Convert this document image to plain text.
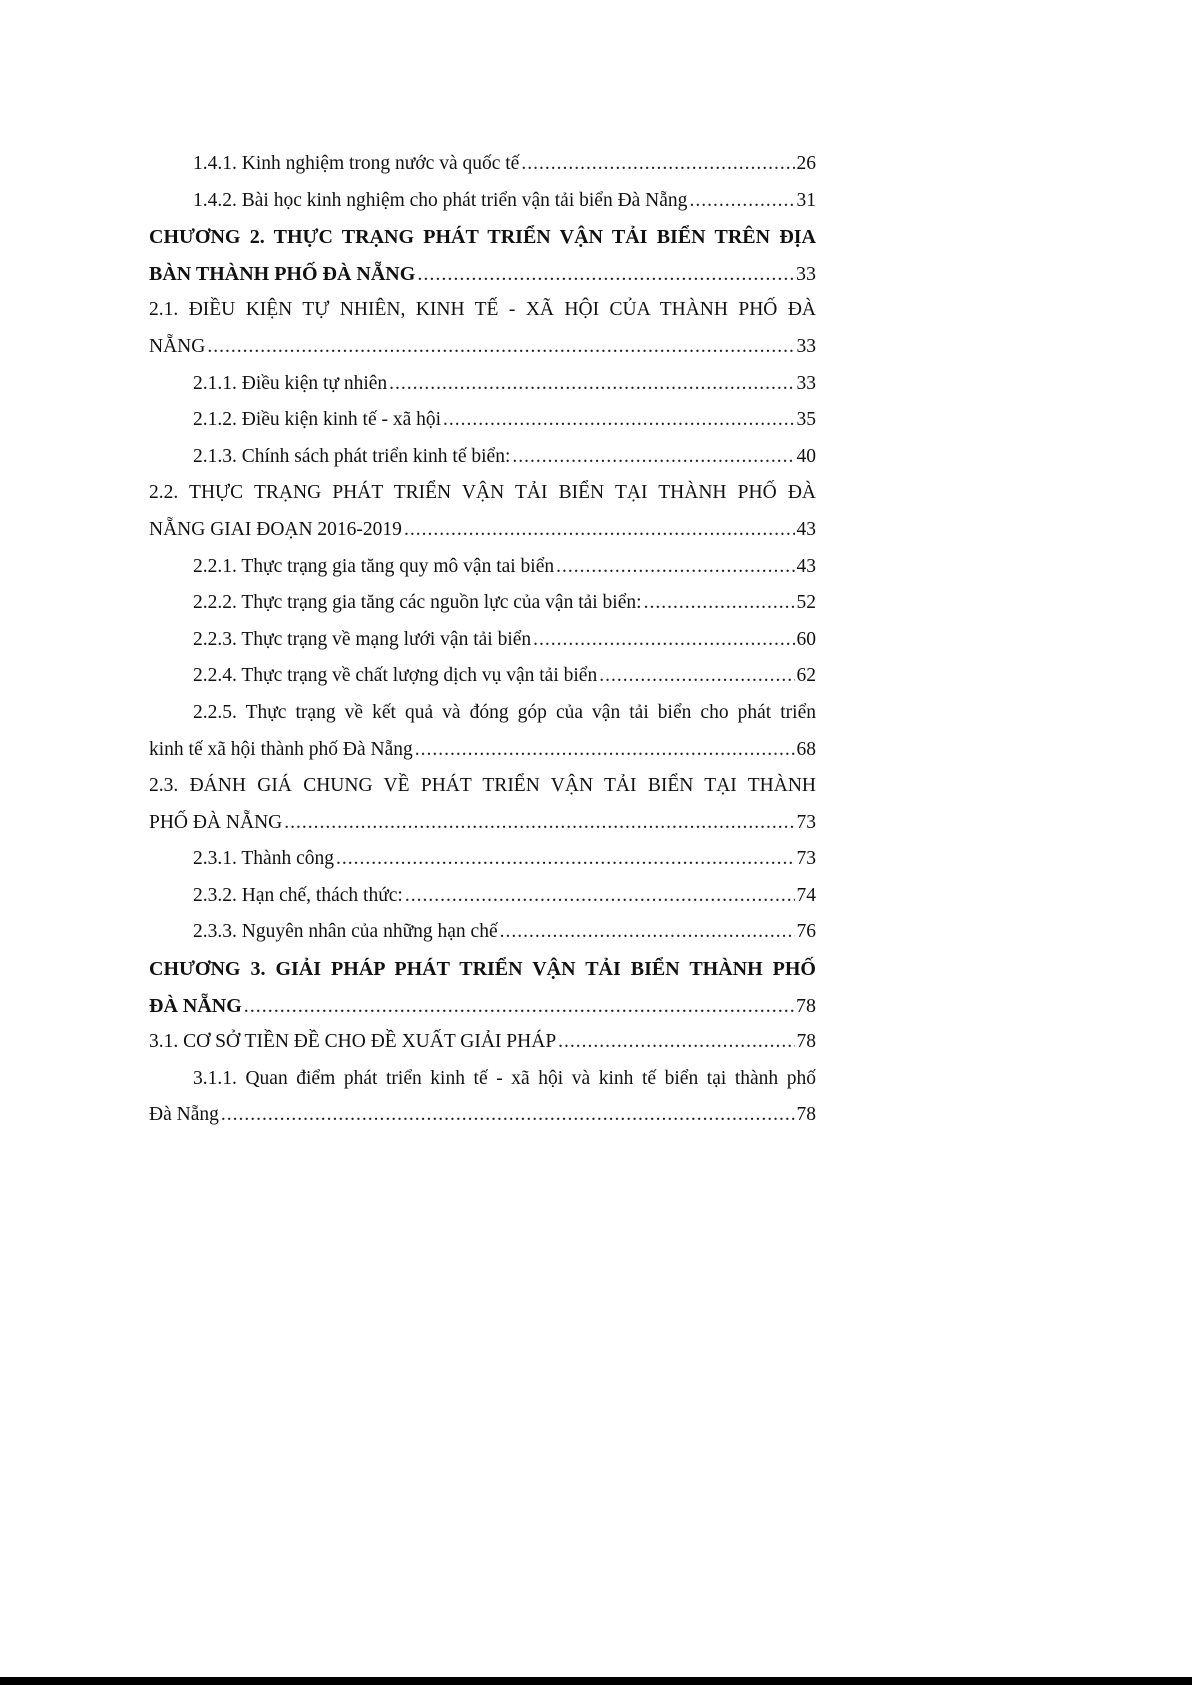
1.4.1. Kinh nghiệm trong nước và quốc tế .....	26
1.4.2. Bài học kinh nghiệm cho phát triển vận tải biển Đà Nẵng .....	31
CHƯƠNG 2. THỰC TRẠNG PHÁT TRIỂN VẬN TẢI BIỂN TRÊN ĐỊA
BÀN THÀNH PHỐ ĐÀ NẴNG .....	33
2.1. ĐIỀU KIỆN TỰ NHIÊN, KINH TẾ - XÃ HỘI CỦA THÀNH PHỐ ĐÀ
NẴNG .....	33
2.1.1. Điều kiện tự nhiên .....	33
2.1.2. Điều kiện kinh tế - xã hội .....	35
2.1.3. Chính sách phát triển kinh tế biển: .....	40
2.2. THỰC TRẠNG PHÁT TRIỂN VẬN TẢI BIỂN TẠI THÀNH PHỐ ĐÀ
NẴNG GIAI ĐOẠN 2016-2019 .....	43
2.2.1. Thực trạng gia tăng quy mô vận tai biển .....	43
2.2.2. Thực trạng gia tăng các nguồn lực của vận tải biển: .....	52
2.2.3. Thực trạng về mạng lưới vận tải biển .....	60
2.2.4. Thực trạng về chất lượng dịch vụ vận tải biển .....	62
2.2.5. Thực trạng về kết quả và đóng góp của vận tải biển cho phát triển
kinh tế xã hội thành phố Đà Nẵng .....	68
2.3. ĐÁNH GIÁ CHUNG VỀ PHÁT TRIỂN VẬN TẢI BIỂN TẠI THÀNH
PHỐ ĐÀ NẴNG .....	73
2.3.1. Thành công .....	73
2.3.2. Hạn chế, thách thức: .....	74
2.3.3. Nguyên nhân của những hạn chế .....	76
CHƯƠNG 3. GIẢI PHÁP PHÁT TRIỂN VẬN TẢI BIỂN THÀNH PHỐ
ĐÀ NẴNG .....	78
3.1. CƠ SỞ TIỀN ĐỀ CHO ĐỀ XUẤT GIẢI PHÁP .....	78
3.1.1. Quan điểm phát triển kinh tế - xã hội và kinh tế biển tại thành phố
Đà Nẵng .....	78
